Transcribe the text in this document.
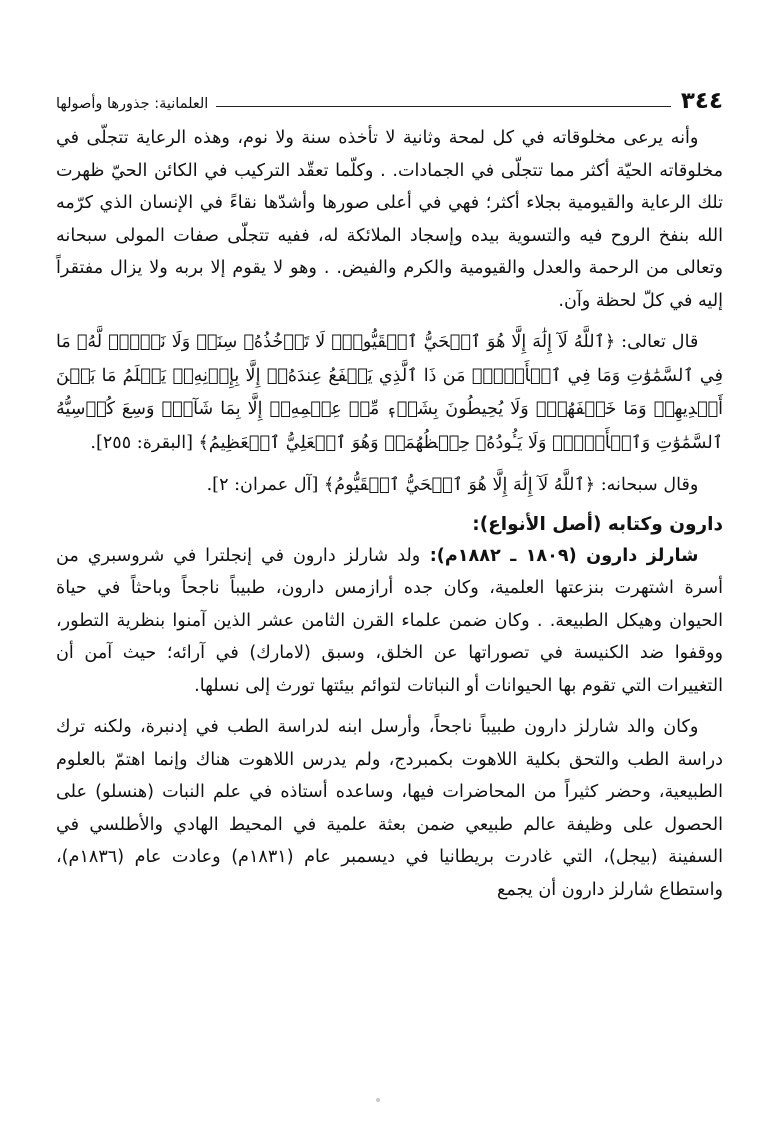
٣٤٤
العلمانية: جذورها وأصولها

وأنه يرعى مخلوقاته في كل لمحة وثانية لا تأخذه سنة ولا نوم، وهذه الرعاية تتجلّى في مخلوقاته الحيّة أكثر مما تتجلّى في الجمادات. . وكلّما تعقّد التركيب في الكائن الحيّ ظهرت تلك الرعاية والقيومية بجلاء أكثر؛ فهي في أعلى صورها وأشدّها نقاءً في الإنسان الذي كرّمه الله بنفخ الروح فيه والتسوية بيده وإسجاد الملائكة له، ففيه تتجلّى صفات المولى سبحانه وتعالى من الرحمة والعدل والقيومية والكرم والفيض. . وهو لا يقوم إلا بربه ولا يزال مفتقراً إليه في كلّ لحظة وآن.

قال تعالى: ﴿ٱللَّهُ لَآ إِلَٰهَ إِلَّا هُوَ ٱلۡحَيُّ ٱلۡقَيُّومُۚ لَا تَأۡخُذُهُۥ سِنَةٞ وَلَا نَوۡمٞۚ لَّهُۥ مَا فِي ٱلسَّمَٰوَٰتِ وَمَا فِي ٱلۡأَرۡضِۗ مَن ذَا ٱلَّذِي يَشۡفَعُ عِندَهُۥٓ إِلَّا بِإِذۡنِهِۦۚ يَعۡلَمُ مَا بَيۡنَ أَيۡدِيهِمۡ وَمَا خَلۡفَهُمۡۖ وَلَا يُحِيطُونَ بِشَيۡءٖ مِّنۡ عِلۡمِهِۦٓ إِلَّا بِمَا شَآءَۚ وَسِعَ كُرۡسِيُّهُ ٱلسَّمَٰوَٰتِ وَٱلۡأَرۡضَۖ وَلَا يَـُٔودُهُۥ حِفۡظُهُمَاۚ وَهُوَ ٱلۡعَلِيُّ ٱلۡعَظِيمُ﴾ [البقرة: ٢٥٥].

وقال سبحانه: ﴿ٱللَّهُ لَآ إِلَٰهَ إِلَّا هُوَ ٱلۡحَيُّ ٱلۡقَيُّومُ﴾ [آل عمران: ٢].

دارون وكتابه (أصل الأنواع):

شارلز دارون (١٨٠٩ ـ ١٨٨٢م): ولد شارلز دارون في إنجلترا في شروسبري من أسرة اشتهرت بنزعتها العلمية، وكان جده أرازمس دارون، طبيباً ناجحاً وباحثاً في حياة الحيوان وهيكل الطبيعة. . وكان ضمن علماء القرن الثامن عشر الذين آمنوا بنظرية التطور، ووقفوا ضد الكنيسة في تصوراتها عن الخلق، وسبق (لامارك) في آرائه؛ حيث آمن أن التغييرات التي تقوم بها الحيوانات أو النباتات لتوائم بيئتها تورث إلى نسلها.

وكان والد شارلز دارون طبيباً ناجحاً، وأرسل ابنه لدراسة الطب في إدنبرة، ولكنه ترك دراسة الطب والتحق بكلية اللاهوت بكمبردج، ولم يدرس اللاهوت هناك وإنما اهتمّ بالعلوم الطبيعية، وحضر كثيراً من المحاضرات فيها، وساعده أستاذه في علم النبات (هنسلو) على الحصول على وظيفة عالم طبيعي ضمن بعثة علمية في المحيط الهادي والأطلسي في السفينة (بيجل)، التي غادرت بريطانيا في ديسمبر عام (١٨٣١م) وعادت عام (١٨٣٦م)، واستطاع شارلز دارون أن يجمع
